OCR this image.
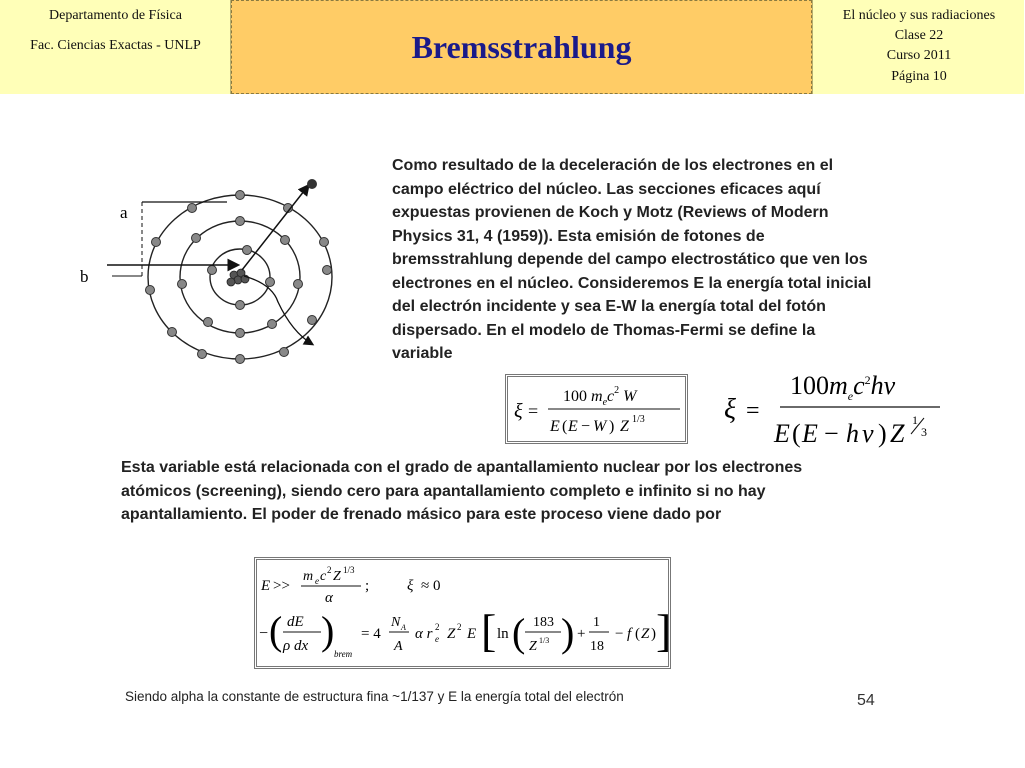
Departamento de Física
Fac. Ciencias Exactas - UNLP	Bremsstrahlung
El núcleo y sus radiaciones
Clase 22
Curso 2011
Página 10
a
b
Como resultado de la deceleración de los electrones en el campo eléctrico del núcleo. Las secciones eficaces aquí expuestas provienen de Koch y Motz (Reviews of Modern Physics 31, 4 (1959)). Esta emisión de fotones de bremsstrahlung depende del campo electrostático que ven los electrones en el núcleo. Consideremos E la energía total inicial del electrón incidente y sea E-W la energía total del fotón dispersado. En el modelo de Thomas-Fermi se define la variable
ξ =
100 $m_ec^2$ W
E ( E − W ) Z 1/3	ξ =
$100m_ec^2hv$
E ( E − h ν ) Z 1
3
Esta variable está relacionada con el grado de apantallamiento nuclear por los electrones atómicos (screening), siendo cero para apantallamiento completo e infinito si no hay apantallamiento. El poder de frenado másico para este proceso viene dado por
E >>
m e c 2 Z 1/3
α
;	ξ ≈ 0
− ( dE
ρ dx )
brem
= 4
N A
A
α r e
2 Z 2 E [ ln ( 183
Z 1/3 ) +
1
18
− f ( Z ) ]
Siendo alpha la constante de estructura fina ~1/137 y E la energía total del electrón	54
